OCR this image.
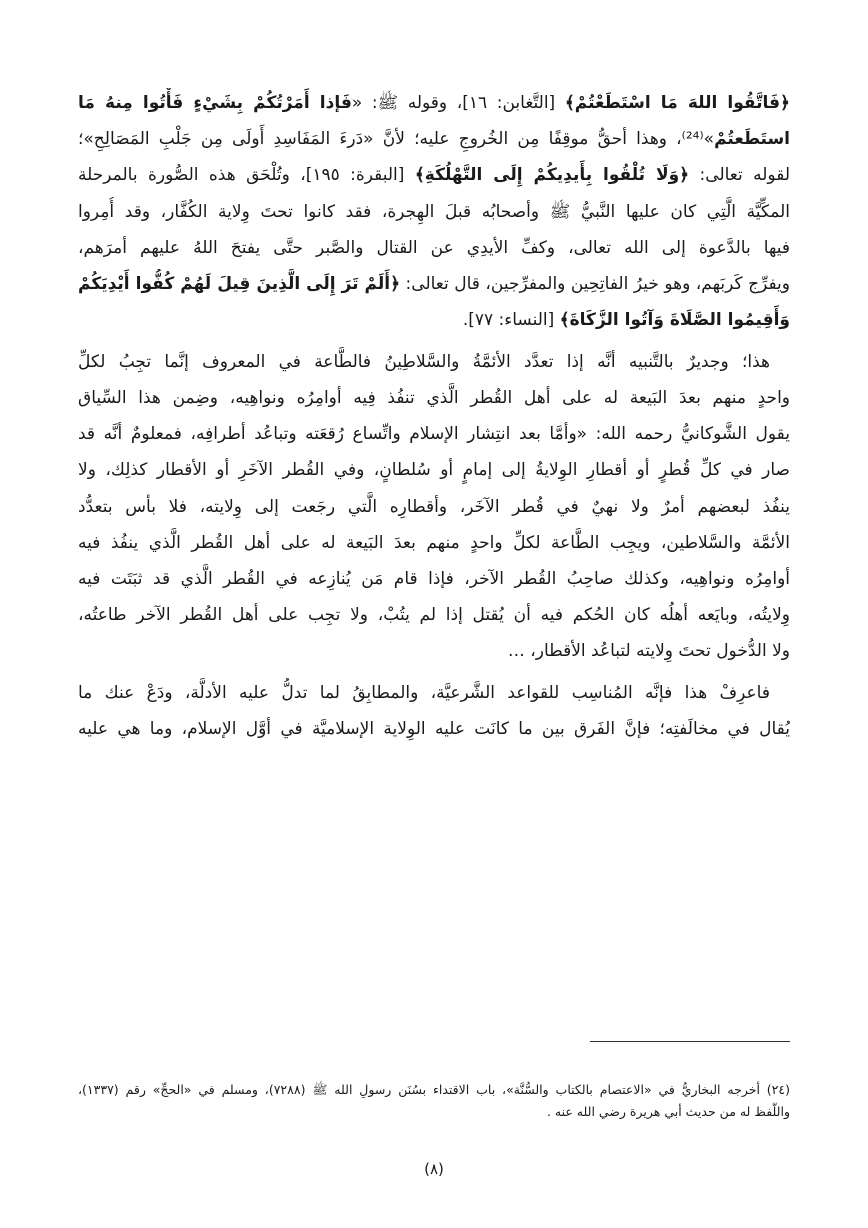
﴿فَاتَّقُوا اللهَ مَا اسْتَطَعْتُمْ﴾ [التَّغابن: ١٦]، وقوله ﷺ: «فَإذا أَمَرْتُكُمْ بِشَيْءٍ فَأْتُوا مِنهُ مَا
استَطَعتُمْ»⁽²⁴⁾، وهذا أحقُّ موقِفًا مِن الخُروجِ عليه؛ لأنَّ «دَرءَ المَفَاسِدِ أَولَى مِن جَلْبِ المَصَالِحِ»؛
لقوله تعالى: ﴿وَلَا تُلْقُوا بِأَيدِيكُمْ إِلَى التَّهْلُكَةِ﴾ [البقرة: ١٩٥]، وتُلْحَق هذه الصُّورة بالمرحلة
المكِّيَّة الَّتِي كان عليها النَّبيُّ ﷺ وأصحابُه قبلَ الهِجرة، فقد كانوا تحتَ وِلاية الكُفَّار، وقد أُمِروا
فيها بالدَّعوة إلى الله تعالى، وكفِّ الأيدِي عن القتال والصَّبر حتَّى يفتحَ اللهُ عليهم أمرَهم،
ويفرِّج كَربَهم، وهو خيرُ الفاتِحِين والمفرِّجين، قال تعالى: ﴿أَلَمْ تَرَ إِلَى الَّذِينَ قِيلَ لَهُمْ كُفُّوا أَيْدِيَكُمْ
وَأَقِيمُوا الصَّلَاةَ وَآتُوا الزَّكَاةَ﴾ [النساء: ٧٧].
هذا؛ وجديرٌ بالتَّنبيه أنَّه إذا تعدَّد الأئمَّةُ والسَّلاطِينُ فالطَّاعة في المعروف إنَّما تجِبُ لكلِّ
واحدٍ منهم بعدَ البَيعة له على أهل القُطر الَّذي تنفُذ فِيه أوامِرُه ونواهِيه، وضِمن هذا السِّياق
يقول الشَّوكانيُّ رحمه الله: «وأمَّا بعد انتِشار الإسلام واتِّساع رُقعَته وتباعُد أطرافِه، فمعلومٌ أنَّه قد
صار في كلِّ قُطرٍ أو أقطارِ الوِلايةُ إلى إمامٍ أو سُلطانٍ، وفي القُطر الآخَرِ أو الأقطار كذلِك، ولا
ينفُذ لبعضهم أمرٌ ولا نهيٌ في قُطر الآخَر، وأقطارِه الَّتي رجَعت إلى وِلايته، فلا بأس بتعدُّد
الأئمَّة والسَّلاطين، ويجِب الطَّاعة لكلِّ واحدٍ منهم بعدَ البَيعة له على أهل القُطر الَّذي ينفُذ فيه
أوامِرُه ونواهِيه، وكذلك صاحِبُ القُطر الآخر، فإذا قام مَن يُنازِعه في القُطر الَّذي قد ثبَتَت فيه
وِلايتُه، وبايَعه أهلُه كان الحُكم فيه أن يُقتل إذا لم يتُبْ، ولا تجِب على أهل القُطر الآخر طاعتُه،
ولا الدُّخول تحتَ وِلايته لتباعُد الأقطار، …
فاعرِفْ هذا فإنَّه المُناسِب للقواعد الشَّرعيَّة، والمطابِقُ لما تدلُّ عليه الأدلَّة، ودَعْ عنك ما
يُقال في مخالَفتِه؛ فإنَّ الفَرق بين ما كانَت عليه الوِلاية الإسلاميَّة في أوَّل الإسلام، وما هي عليه
(٢٤) أخرجه البخاريُّ في «الاعتصام بالكتاب والسُّنَّة»، باب الاقتداء بسُنَن رسولِ الله ﷺ (٧٢٨٨)، ومسلم في «الحجِّ» رقم (١٣٣٧)،
واللَّفظ له من حديث أبي هريرة رضي الله عنه .
(٨)
